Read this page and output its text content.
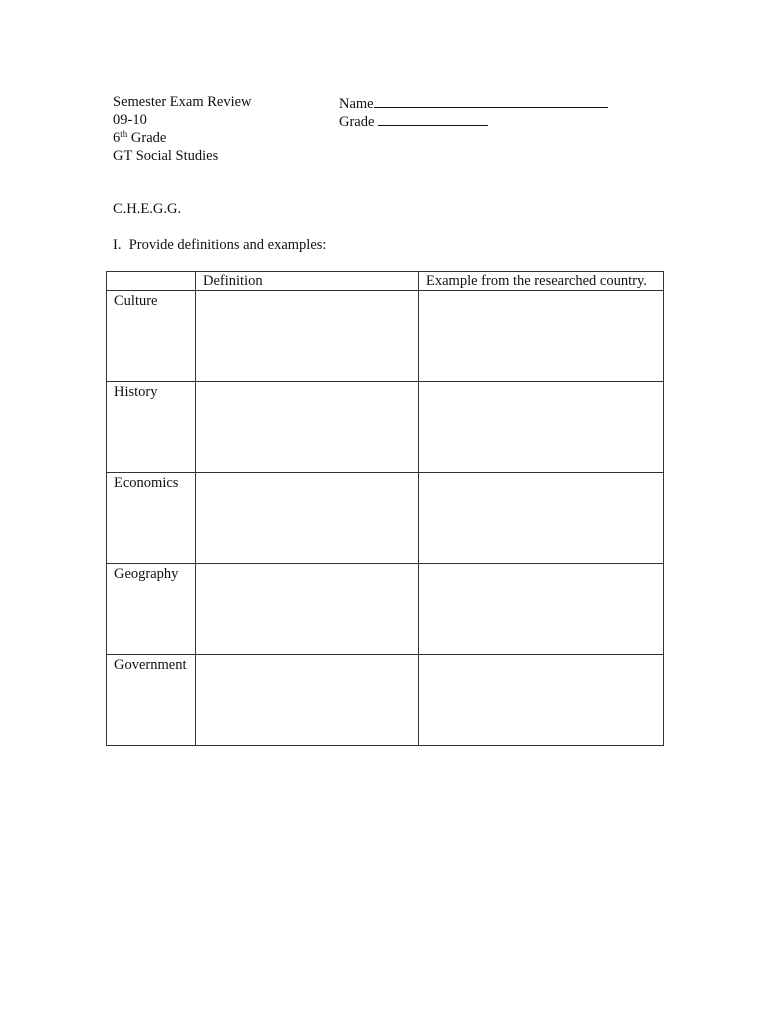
Semester Exam Review
09-10
6th Grade
GT Social Studies
Name
Grade
C.H.E.G.G.
I.  Provide definitions and examples:
	Definition	Example from the researched country.
Culture		
History		
Economics		
Geography		
Government		
